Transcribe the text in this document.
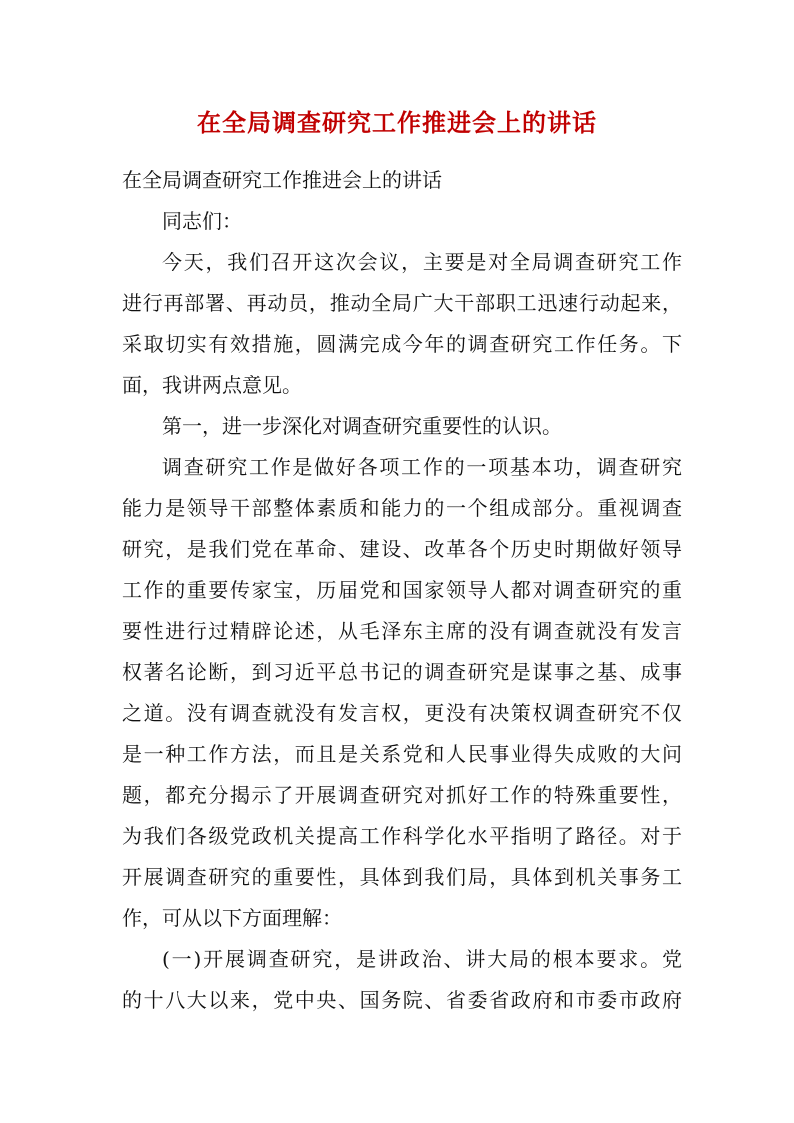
在全局调查研究工作推进会上的讲话
在全局调查研究工作推进会上的讲话
同志们：
今天，我们召开这次会议，主要是对全局调查研究工作
进行再部署、再动员，推动全局广大干部职工迅速行动起来，
采取切实有效措施，圆满完成今年的调查研究工作任务。下
面，我讲两点意见。
第一，进一步深化对调查研究重要性的认识。
调查研究工作是做好各项工作的一项基本功，调查研究
能力是领导干部整体素质和能力的一个组成部分。重视调查
研究，是我们党在革命、建设、改革各个历史时期做好领导
工作的重要传家宝，历届党和国家领导人都对调查研究的重
要性进行过精辟论述，从毛泽东主席的没有调查就没有发言
权著名论断，到习近平总书记的调查研究是谋事之基、成事
之道。没有调查就没有发言权，更没有决策权调查研究不仅
是一种工作方法，而且是关系党和人民事业得失成败的大问
题，都充分揭示了开展调查研究对抓好工作的特殊重要性，
为我们各级党政机关提高工作科学化水平指明了路径。对于
开展调查研究的重要性，具体到我们局，具体到机关事务工
作，可从以下方面理解：
(一)开展调查研究，是讲政治、讲大局的根本要求。党
的十八大以来，党中央、国务院、省委省政府和市委市政府
